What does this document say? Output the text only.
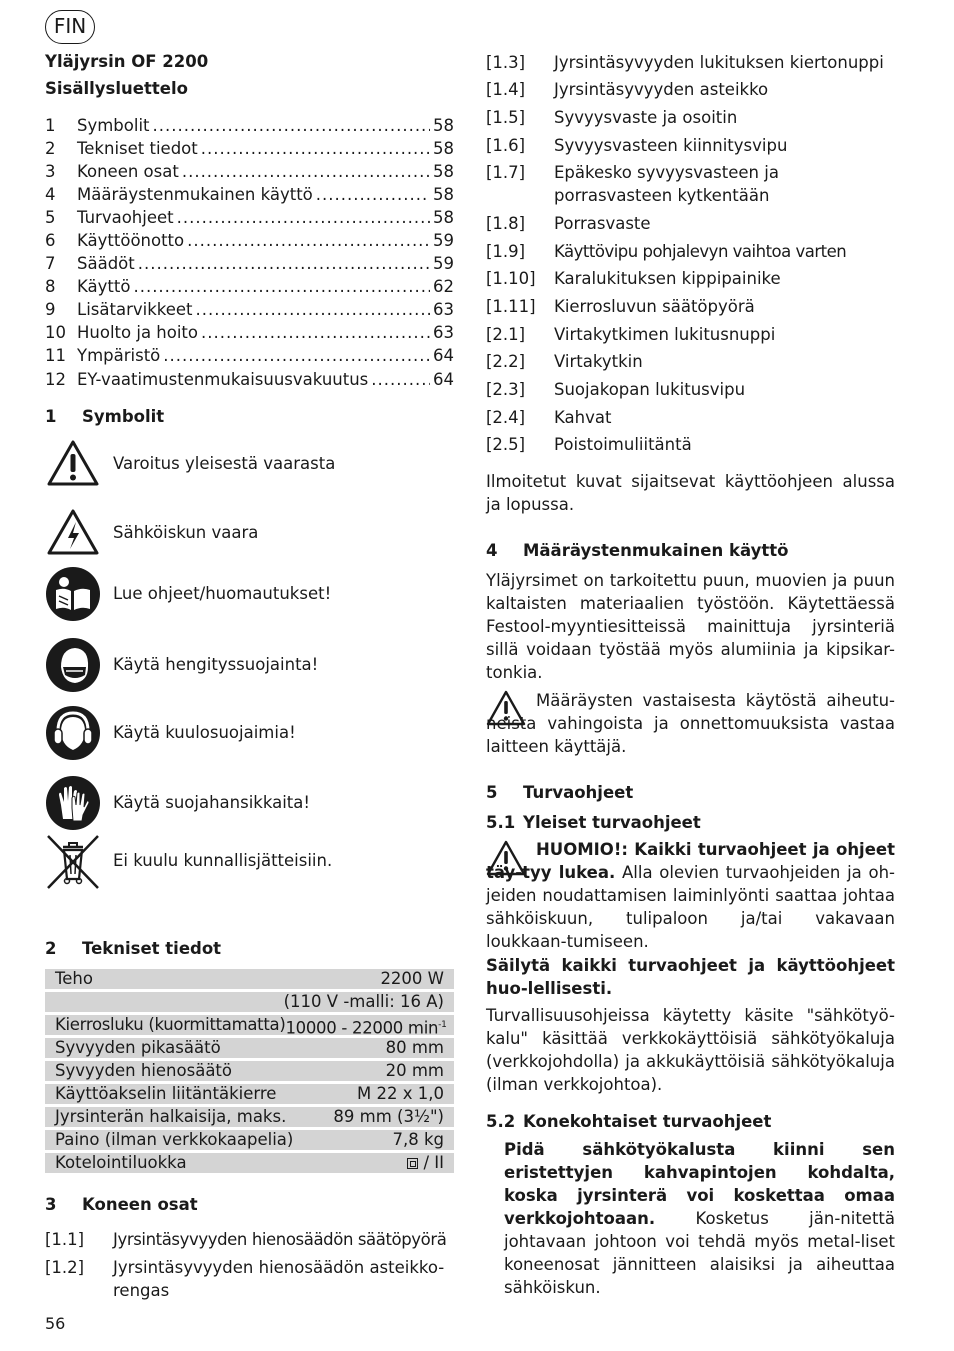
FIN
Yläjyrsin OF 2200
Sisällysluettelo
1	Symbolit .....	58
2	Tekniset tiedot .....	58
3	Koneen osat .....	58
4	Määräystenmukainen käyttö .....	58
5	Turvaohjeet .....	58
6	Käyttöönotto .....	59
7	Säädöt .....	59
8	Käyttö .....	62
9	Lisätarvikkeet .....	63
10 Huolto ja hoito .....	63
11 Ympäristö .....	64
12 EY-vaatimustenmukaisuusvakuutus .....	64
1 Symbolit
Varoitus yleisestä vaarasta
Sähköiskun vaara
Lue ohjeet/huomautukset!
Käytä hengityssuojainta!
Käytä kuulosuojaimia!
Käytä suojahansikkaita!
Ei kuulu kunnallisjätteisiin.
2 Tekniset tiedot
Teho	2200 W
(110 V -malli: 16 A)
Kierrosluku (kuormittamatta) 10000 - 22000 $\min^{-1}$
Syvyyden pikasäätö	80 mm
Syvyyden hienosäätö	20 mm
Käyttöakselin liitäntäkierre	M 22 x 1,0
Jyrsinterän halkaisija, maks.	89 mm (3½")
Paino (ilman verkkokaapelia)	7,8 kg
Kotelointiluokka	/ II
3 Koneen osat
[1.1] Jyrsintäsyvyyden hienosäädön säätöpyörä
[1.2] Jyrsintäsyvyyden hienosäädön asteikko-rengas
[1.3] Jyrsintäsyvyyden lukituksen kiertonuppi
[1.4] Jyrsintäsyvyyden asteikko
[1.5] Syvyysvaste ja osoitin
[1.6] Syvyysvasteen kiinnitysvipu
[1.7] Epäkesko syvyysvasteen ja porrasvasteen kytkentään
[1.8] Porrasvaste
[1.9] Käyttövipu pohjalevyn vaihtoa varten
[1.10] Karalukituksen kippipainike
[1.11] Kierrosluvun säätöpyörä
[2.1] Virtakytkimen lukitusnuppi
[2.2] Virtakytkin
[2.3] Suojakopan lukitusvipu
[2.4] Kahvat
[2.5] Poistoimuliitäntä
Ilmoitetut kuvat sijaitsevat käyttöohjeen alussa ja lopussa.
4 Määräystenmukainen käyttö
Yläjyrsimet on tarkoitettu puun, muovien ja puun kaltaisten materiaalien työstöön. Käytettäessä Festool-myyntiesitteissä mainittuja jyrsinteriä sillä voidaan työstää myös alumiinia ja kipsikar-tonkia.
Määräysten vastaisesta käytöstä aiheutu-neista vahingoista ja onnettomuuksista vastaa laitteen käyttäjä.
5 Turvaohjeet
5.1 Yleiset turvaohjeet
HUOMIO!: Kaikki turvaohjeet ja ohjeet täy-tyy lukea. Alla olevien turvaohjeiden ja oh-jeiden noudattamisen laiminlyönti saattaa johtaa sähköiskuun, tulipaloon ja/tai vakavaan loukkaan-tumiseen.
Säilytä kaikki turvaohjeet ja käyttöohjeet huo-lellisesti.
Turvallisuusohjeissa käytetty käsite "sähkötyö-kalu" käsittää verkkokäyttöisiä sähkötyökaluja (verkkojohdolla) ja akkukäyttöisiä sähkötyökaluja (ilman verkkojohtoa).
5.2 Konekohtaiset turvaohjeet
Pidä sähkötyökalusta kiinni sen eristettyjen kahvapintojen kohdalta, koska jyrsinterä voi koskettaa omaa verkkojohtoaan. Kosketus jän-nitettä johtavaan johtoon voi tehdä myös metal-liset koneenosat jännitteen alaisiksi ja aiheuttaa sähköiskun.
56
